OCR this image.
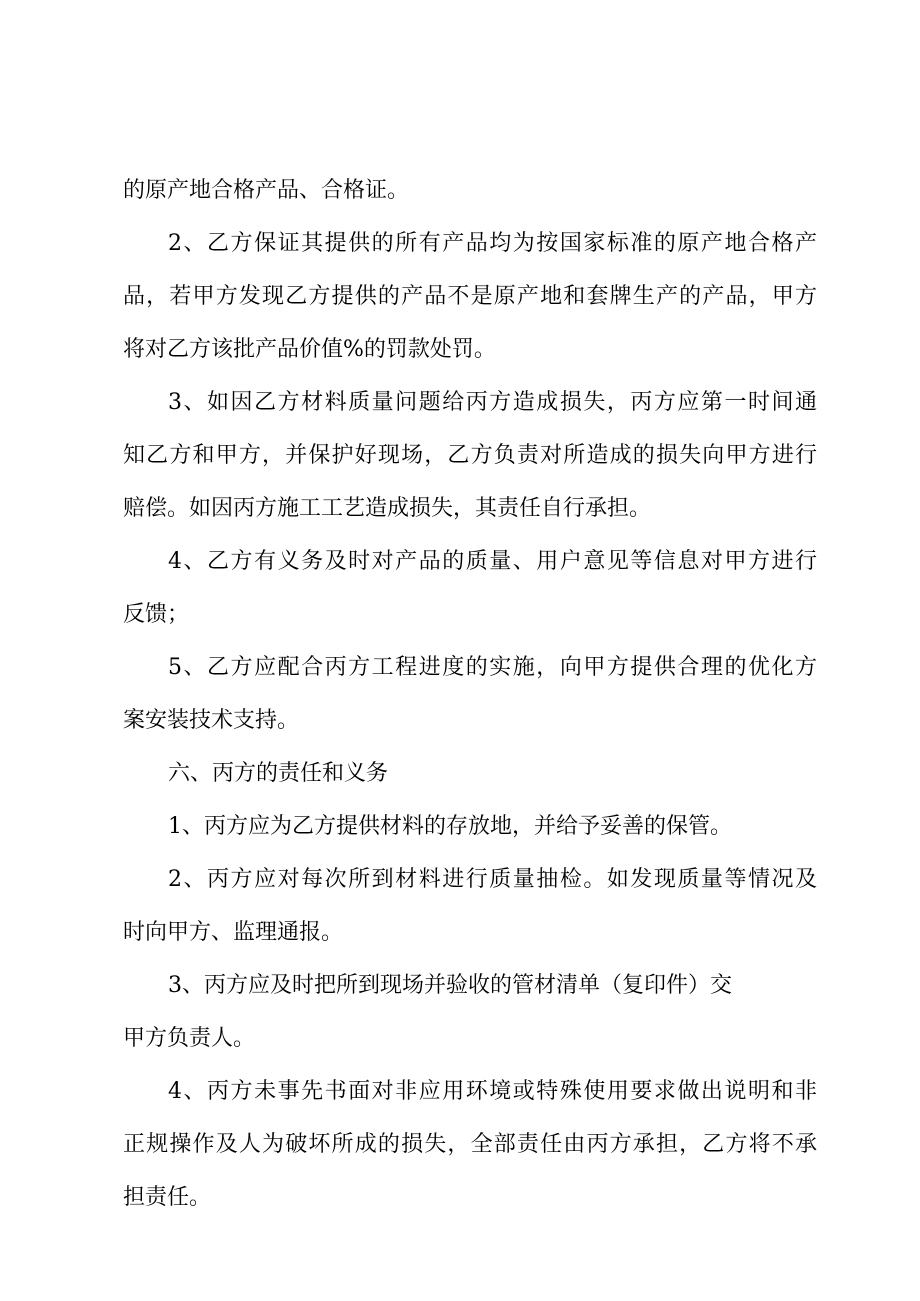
的原产地合格产品、合格证。
2、乙方保证其提供的所有产品均为按国家标准的原产地合格产
品，若甲方发现乙方提供的产品不是原产地和套牌生产的产品，甲方
将对乙方该批产品价值%的罚款处罚。
3、如因乙方材料质量问题给丙方造成损失，丙方应第一时间通
知乙方和甲方，并保护好现场，乙方负责对所造成的损失向甲方进行
赔偿。如因丙方施工工艺造成损失，其责任自行承担。
4、乙方有义务及时对产品的质量、用户意见等信息对甲方进行
反馈；
5、乙方应配合丙方工程进度的实施，向甲方提供合理的优化方
案安装技术支持。
六、丙方的责任和义务
1、丙方应为乙方提供材料的存放地，并给予妥善的保管。
2、丙方应对每次所到材料进行质量抽检。如发现质量等情况及
时向甲方、监理通报。
3、丙方应及时把所到现场并验收的管材清单（复印件）交
甲方负责人。
4、丙方未事先书面对非应用环境或特殊使用要求做出说明和非
正规操作及人为破坏所成的损失，全部责任由丙方承担，乙方将不承
担责任。
